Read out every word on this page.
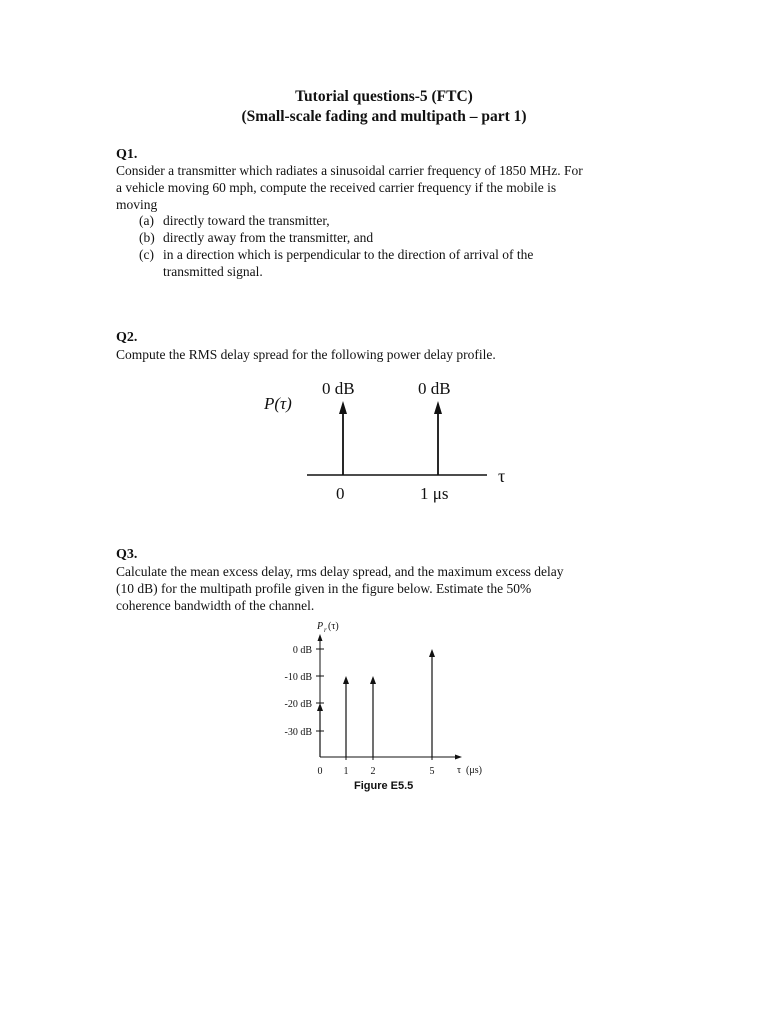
Tutorial questions-5 (FTC)
(Small-scale fading and multipath – part 1)
Q1.
Consider a transmitter which radiates a sinusoidal carrier frequency of 1850 MHz. For
a vehicle moving 60 mph, compute the received carrier frequency if the mobile is
moving
(a) directly toward the transmitter,
(b) directly away from the transmitter, and
(c) in a direction which is perpendicular to the direction of arrival of the
transmitted signal.
Q2.
Compute the RMS delay spread for the following power delay profile.
P(τ)
0 dB	0 dB
0	1 μs
τ
Q3.
Calculate the mean excess delay, rms delay spread, and the maximum excess delay
(10 dB) for the multipath profile given in the figure below. Estimate the 50%
coherence bandwidth of the channel.
P r (τ)
0 dB
-10 dB
-20 dB
-30 dB
0 1 2	5 τ  (μs)
Figure E5.5
